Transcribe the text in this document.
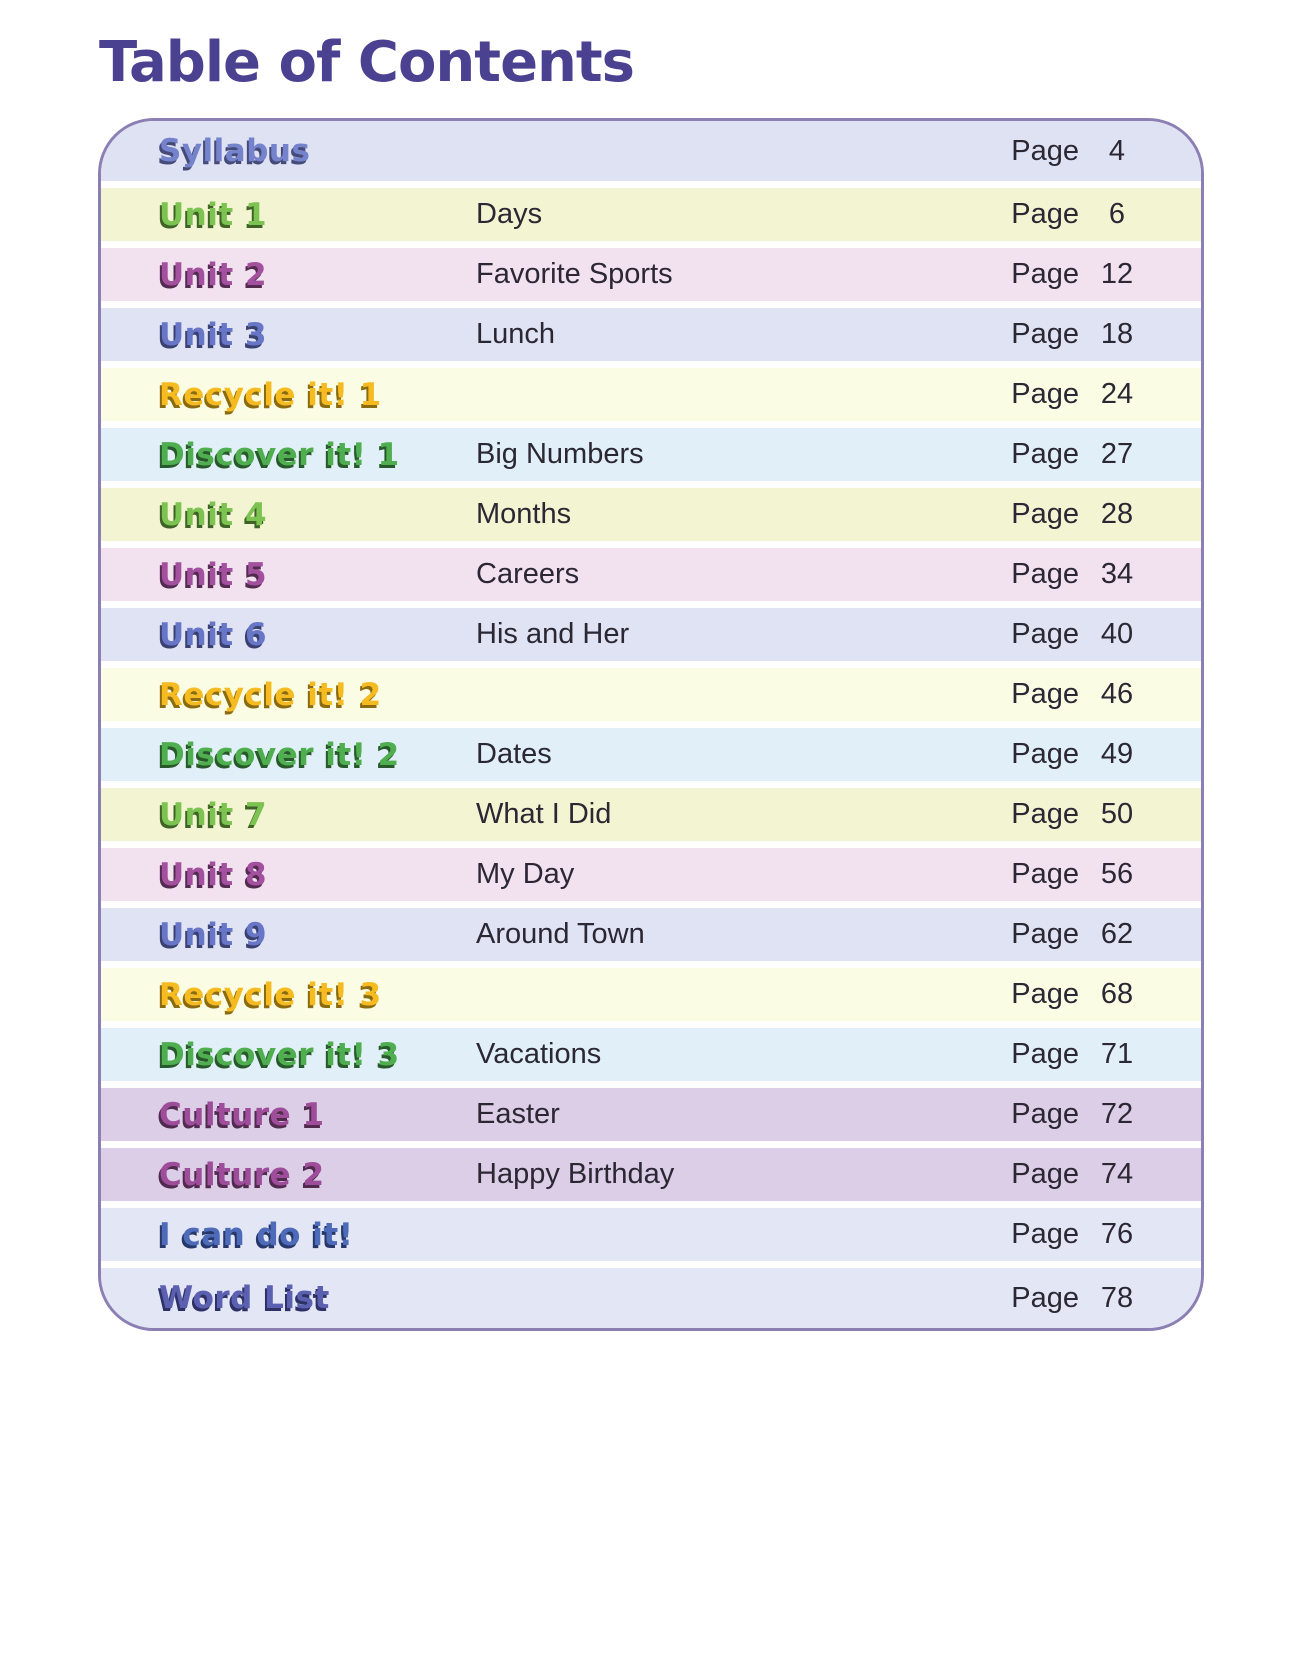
Table of Contents
Syllabus	Page	4
Unit 1	Days	Page	6
Unit 2	Favorite Sports	Page 12
Unit 3	Lunch	Page 18
Recycle it! 1	Page 24
Discover it! 1	Big Numbers	Page 27
Unit 4	Months	Page 28
Unit 5	Careers	Page 34
Unit 6	His and Her	Page 40
Recycle it! 2	Page 46
Discover it! 2	Dates	Page 49
Unit 7	What I Did	Page 50
Unit 8	My Day	Page 56
Unit 9	Around Town	Page 62
Recycle it! 3	Page 68
Discover it! 3	Vacations	Page 71
Culture 1	Easter	Page 72
Culture 2	Happy Birthday	Page 74
I can do it!	Page 76
Word List	Page 78
